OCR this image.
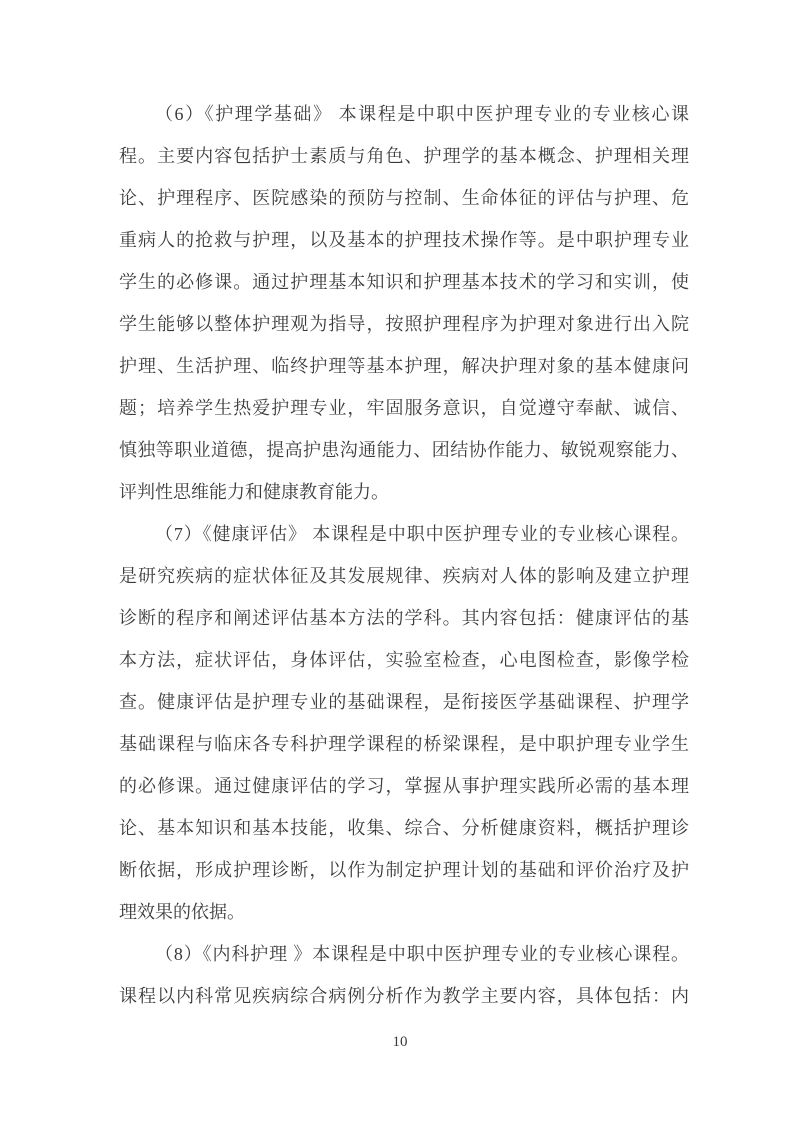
（6）《护理学基础》 本课程是中职中医护理专业的专业核心课
程。主要内容包括护士素质与角色、护理学的基本概念、护理相关理
论、护理程序、医院感染的预防与控制、生命体征的评估与护理、危
重病人的抢救与护理，以及基本的护理技术操作等。是中职护理专业
学生的必修课。通过护理基本知识和护理基本技术的学习和实训，使
学生能够以整体护理观为指导，按照护理程序为护理对象进行出入院
护理、生活护理、临终护理等基本护理，解决护理对象的基本健康问
题；培养学生热爱护理专业，牢固服务意识，自觉遵守奉献、诚信、
慎独等职业道德，提高护患沟通能力、团结协作能力、敏锐观察能力、
评判性思维能力和健康教育能力。
（7）《健康评估》 本课程是中职中医护理专业的专业核心课程。
是研究疾病的症状体征及其发展规律、疾病对人体的影响及建立护理
诊断的程序和阐述评估基本方法的学科。其内容包括：健康评估的基
本方法，症状评估，身体评估，实验室检查，心电图检查，影像学检
查。健康评估是护理专业的基础课程，是衔接医学基础课程、护理学
基础课程与临床各专科护理学课程的桥梁课程，是中职护理专业学生
的必修课。通过健康评估的学习，掌握从事护理实践所必需的基本理
论、基本知识和基本技能，收集、综合、分析健康资料，概括护理诊
断依据，形成护理诊断，以作为制定护理计划的基础和评价治疗及护
理效果的依据。
（8）《内科护理 》本课程是中职中医护理专业的专业核心课程。
课程以内科常见疾病综合病例分析作为教学主要内容，具体包括：内
10
